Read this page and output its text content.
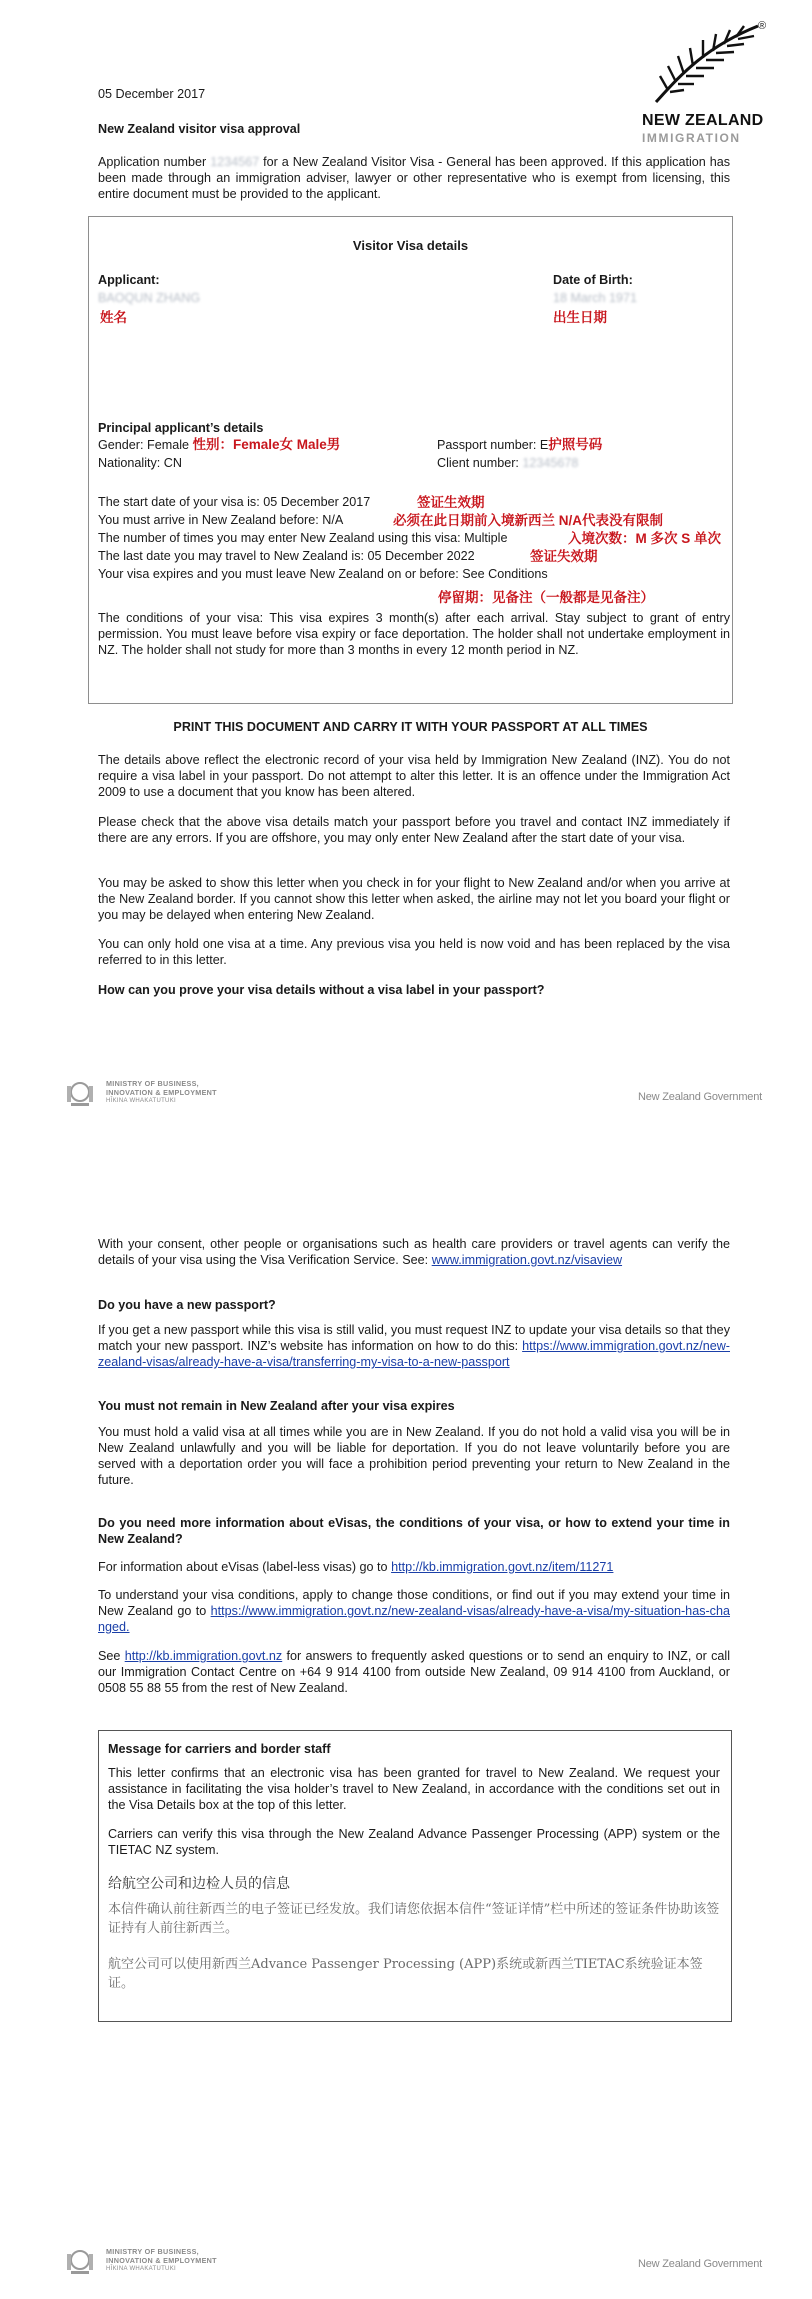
®
NEW ZEALAND
IMMIGRATION
05 December 2017
New Zealand visitor visa approval
Application number 1234567 for a New Zealand Visitor Visa - General has been approved. If this application has been made through an immigration adviser, lawyer or other representative who is exempt from licensing, this entire document must be provided to the applicant.
Visitor Visa details
Applicant:
BAOQUN ZHANG
姓名
Date of Birth:
18 March 1971
出生日期
Principal applicant’s details
Gender: Female 性别：Female女 Male男
Nationality: CN
Passport number: E护照号码
Client number: 12345678
The start date of your visa is: 05 December 2017	签证生效期
You must arrive in New Zealand before: N/A	必须在此日期前入境新西兰 N/A代表没有限制
The number of times you may enter New Zealand using this visa: Multiple	入境次数：M 多次 S 单次
The last date you may travel to New Zealand is: 05 December 2022	签证失效期
Your visa expires and you must leave New Zealand on or before: See Conditions
停留期：见备注（一般都是见备注）
The conditions of your visa: This visa expires 3 month(s) after each arrival. Stay subject to grant of entry permission. You must leave before visa expiry or face deportation. The holder shall not undertake employment in NZ. The holder shall not study for more than 3 months in every 12 month period in NZ.
PRINT THIS DOCUMENT AND CARRY IT WITH YOUR PASSPORT AT ALL TIMES
The details above reflect the electronic record of your visa held by Immigration New Zealand (INZ). You do not require a visa label in your passport. Do not attempt to alter this letter. It is an offence under the Immigration Act 2009 to use a document that you know has been altered.
Please check that the above visa details match your passport before you travel and contact INZ immediately if there are any errors. If you are offshore, you may only enter New Zealand after the start date of your visa.
You may be asked to show this letter when you check in for your flight to New Zealand and/or when you arrive at the New Zealand border. If you cannot show this letter when asked, the airline may not let you board your flight or you may be delayed when entering New Zealand.
You can only hold one visa at a time. Any previous visa you held is now void and has been replaced by the visa referred to in this letter.
How can you prove your visa details without a visa label in your passport?
MINISTRY OF BUSINESS,
INNOVATION & EMPLOYMENT
HĪKINA WHAKATUTUKI	New Zealand Government
With your consent, other people or organisations such as health care providers or travel agents can verify the details of your visa using the Visa Verification Service. See: www.immigration.govt.nz/visaview
Do you have a new passport?
If you get a new passport while this visa is still valid, you must request INZ to update your visa details so that they match your new passport. INZ’s website has information on how to do this: https://www.immigration.govt.nz/new-zealand-visas/already-have-a-visa/transferring-my-visa-to-a-new-passport
You must not remain in New Zealand after your visa expires
You must hold a valid visa at all times while you are in New Zealand. If you do not hold a valid visa you will be in New Zealand unlawfully and you will be liable for deportation. If you do not leave voluntarily before you are served with a deportation order you will face a prohibition period preventing your return to New Zealand in the future.
Do you need more information about eVisas, the conditions of your visa, or how to extend your time in New Zealand?
For information about eVisas (label-less visas) go to http://kb.immigration.govt.nz/item/11271
To understand your visa conditions, apply to change those conditions, or find out if you may extend your time in New Zealand go to https://www.immigration.govt.nz/new-zealand-visas/already-have-a-visa/my-situation-has-changed.
See http://kb.immigration.govt.nz for answers to frequently asked questions or to send an enquiry to INZ, or call our Immigration Contact Centre on +64 9 914 4100 from outside New Zealand, 09 914 4100 from Auckland, or 0508 55 88 55 from the rest of New Zealand.
Message for carriers and border staff
This letter confirms that an electronic visa has been granted for travel to New Zealand. We request your assistance in facilitating the visa holder’s travel to New Zealand, in accordance with the conditions set out in the Visa Details box at the top of this letter.
Carriers can verify this visa through the New Zealand Advance Passenger Processing (APP) system or the TIETAC NZ system.
给航空公司和边检人员的信息
本信件确认前往新西兰的电子签证已经发放。我们请您依据本信件“签证详情”栏中所述的签证条件协助该签证持有人前往新西兰。
航空公司可以使用新西兰Advance Passenger Processing (APP)系统或新西兰TIETAC系统验证本签证。
MINISTRY OF BUSINESS,
INNOVATION & EMPLOYMENT
HĪKINA WHAKATUTUKI	New Zealand Government
